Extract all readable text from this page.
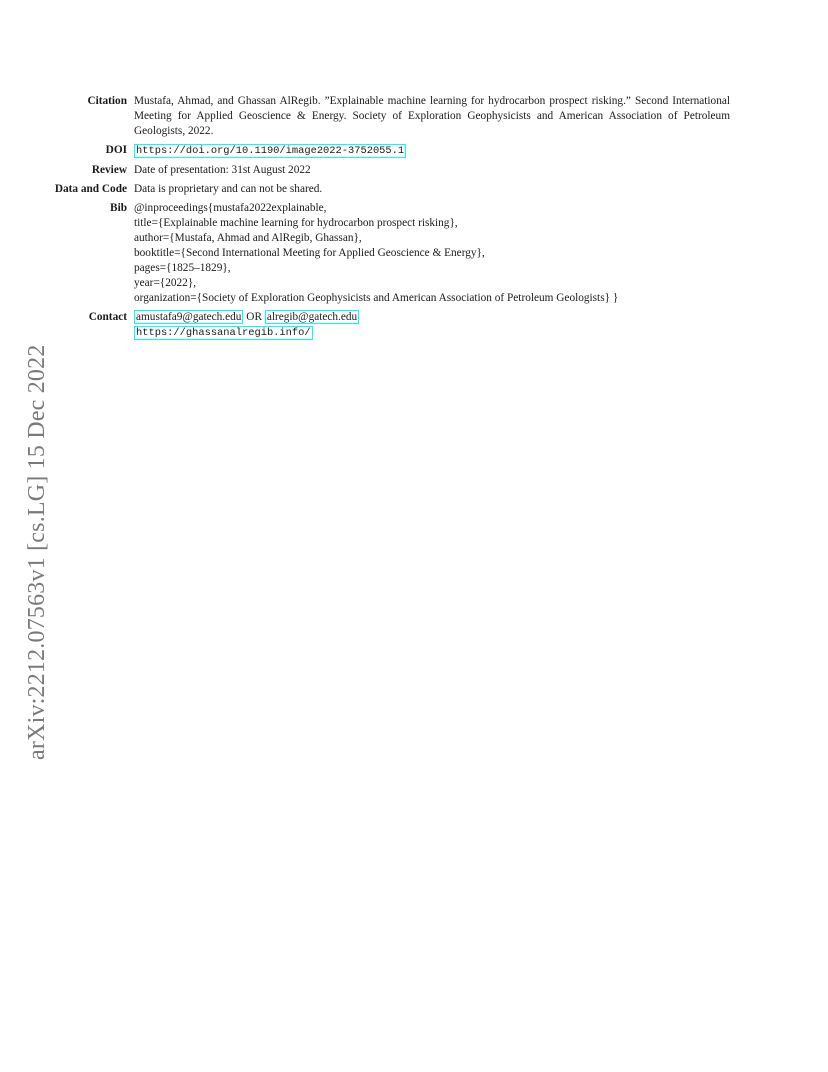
arXiv:2212.07563v1 [cs.LG] 15 Dec 2022
Citation Mustafa, Ahmad, and Ghassan AlRegib. ”Explainable machine learning for hydrocarbon prospect risking.” Second International Meeting for Applied Geoscience & Energy. Society of Exploration Geophysicists and American Association of Petroleum Geologists, 2022.
DOI https://doi.org/10.1190/image2022-3752055.1
Review Date of presentation: 31st August 2022
Data and Code Data is proprietary and can not be shared.
Bib @inproceedings{mustafa2022explainable,
title={Explainable machine learning for hydrocarbon prospect risking},
author={Mustafa, Ahmad and AlRegib, Ghassan},
booktitle={Second International Meeting for Applied Geoscience & Energy},
pages={1825–1829},
year={2022},
organization={Society of Exploration Geophysicists and American Association of Petroleum Geologists} }
Contact amustafa9@gatech.edu OR alregib@gatech.edu
https://ghassanalregib.info/
